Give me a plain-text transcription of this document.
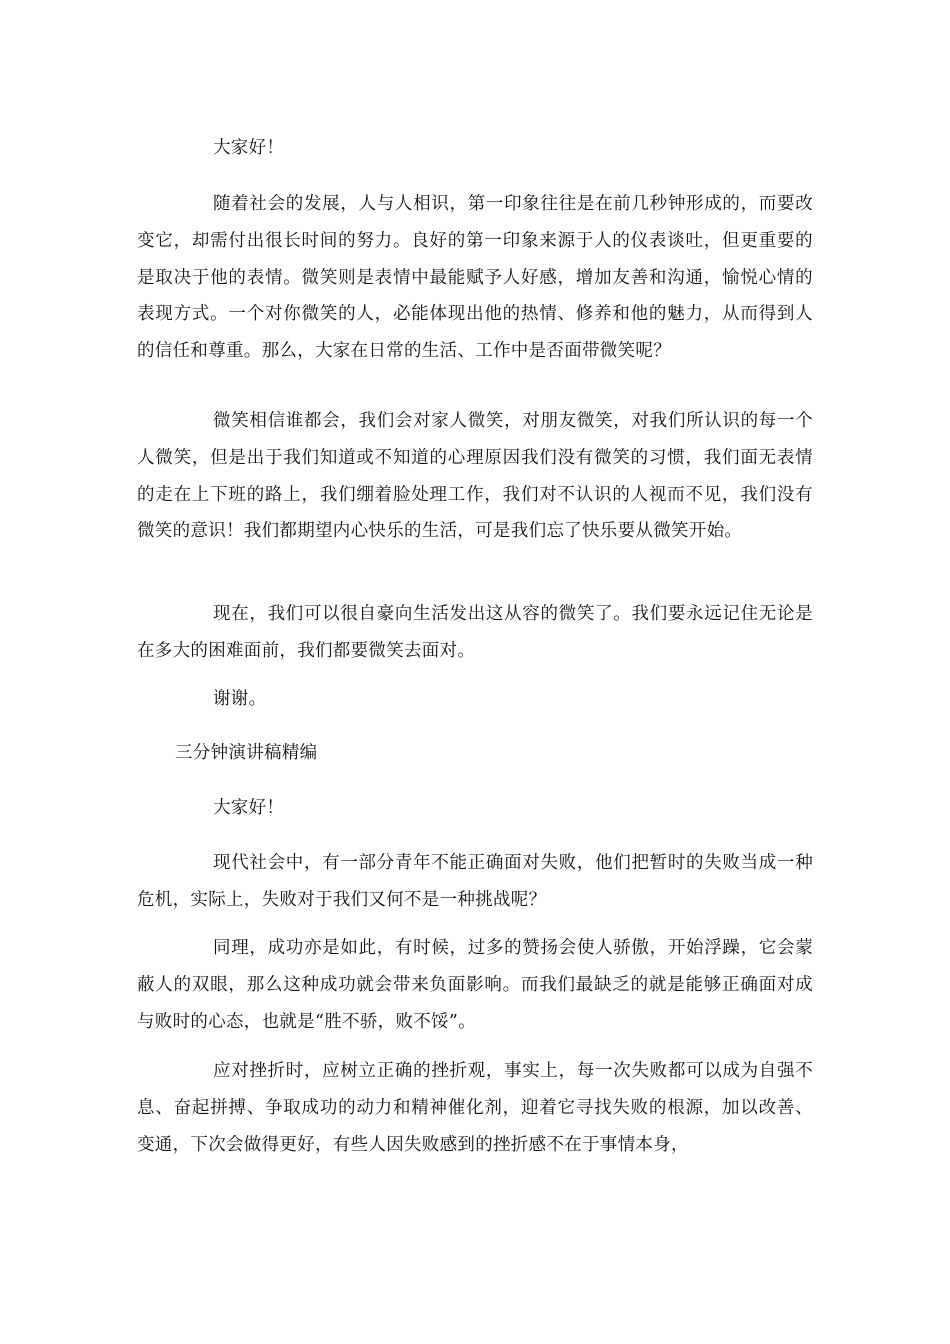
大家好！

随着社会的发展，人与人相识，第一印象往往是在前几秒钟形成的，而要改变它，却需付出很长时间的努力。良好的第一印象来源于人的仪表谈吐，但更重要的是取决于他的表情。微笑则是表情中最能赋予人好感，增加友善和沟通，愉悦心情的表现方式。一个对你微笑的人，必能体现出他的热情、修养和他的魅力，从而得到人的信任和尊重。那么，大家在日常的生活、工作中是否面带微笑呢？

微笑相信谁都会，我们会对家人微笑，对朋友微笑，对我们所认识的每一个人微笑，但是出于我们知道或不知道的心理原因我们没有微笑的习惯，我们面无表情的走在上下班的路上，我们绷着脸处理工作，我们对不认识的人视而不见，我们没有微笑的意识！我们都期望内心快乐的生活，可是我们忘了快乐要从微笑开始。

现在，我们可以很自豪向生活发出这从容的微笑了。我们要永远记住无论是在多大的困难面前，我们都要微笑去面对。

谢谢。

三分钟演讲稿精编

大家好！

现代社会中，有一部分青年不能正确面对失败，他们把暂时的失败当成一种危机，实际上，失败对于我们又何不是一种挑战呢？

同理，成功亦是如此，有时候，过多的赞扬会使人骄傲，开始浮躁，它会蒙蔽人的双眼，那么这种成功就会带来负面影响。而我们最缺乏的就是能够正确面对成与败时的心态，也就是“胜不骄，败不馁”。

应对挫折时，应树立正确的挫折观，事实上，每一次失败都可以成为自强不息、奋起拼搏、争取成功的动力和精神催化剂，迎着它寻找失败的根源，加以改善、变通，下次会做得更好，有些人因失败感到的挫折感不在于事情本身，
